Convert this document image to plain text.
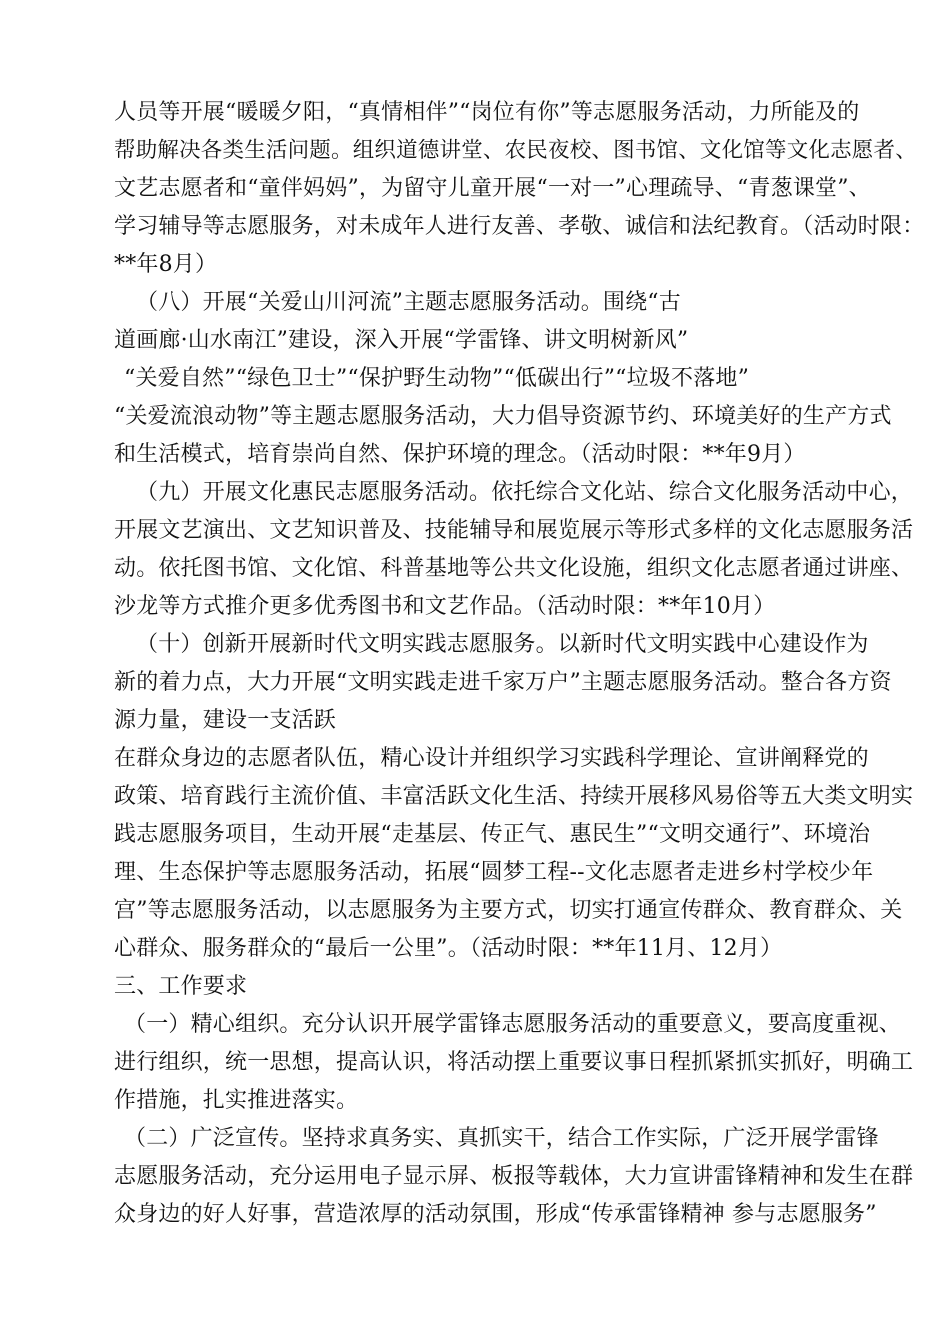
人员等开展“暖暖夕阳，“真情相伴”“岗位有你”等志愿服务活动，力所能及的
帮助解决各类生活问题。组织道德讲堂、农民夜校、图书馆、文化馆等文化志愿者、
文艺志愿者和“童伴妈妈”，为留守儿童开展“一对一”心理疏导、“青葱课堂”、
学习辅导等志愿服务，对未成年人进行友善、孝敬、诚信和法纪教育。（活动时限：
**年8月）
（八）开展“关爱山川河流”主题志愿服务活动。围绕“古
道画廊·山水南江”建设，深入开展“学雷锋、讲文明树新风”
“关爱自然”“绿色卫士”“保护野生动物”“低碳出行”“垃圾不落地”
“关爱流浪动物”等主题志愿服务活动，大力倡导资源节约、环境美好的生产方式
和生活模式，培育崇尚自然、保护环境的理念。（活动时限：**年9月）
（九）开展文化惠民志愿服务活动。依托综合文化站、综合文化服务活动中心，
开展文艺演出、文艺知识普及、技能辅导和展览展示等形式多样的文化志愿服务活
动。依托图书馆、文化馆、科普基地等公共文化设施，组织文化志愿者通过讲座、
沙龙等方式推介更多优秀图书和文艺作品。（活动时限：**年10月）
（十）创新开展新时代文明实践志愿服务。以新时代文明实践中心建设作为
新的着力点，大力开展“文明实践走进千家万户”主题志愿服务活动。整合各方资
源力量，建设一支活跃
在群众身边的志愿者队伍，精心设计并组织学习实践科学理论、宣讲阐释党的
政策、培育践行主流价值、丰富活跃文化生活、持续开展移风易俗等五大类文明实
践志愿服务项目，生动开展“走基层、传正气、惠民生”“文明交通行”、环境治
理、生态保护等志愿服务活动，拓展“圆梦工程--文化志愿者走进乡村学校少年
宫”等志愿服务活动，以志愿服务为主要方式，切实打通宣传群众、教育群众、关
心群众、服务群众的“最后一公里”。（活动时限：**年11月、12月）
三、工作要求
（一）精心组织。充分认识开展学雷锋志愿服务活动的重要意义，要高度重视、
进行组织，统一思想，提高认识，将活动摆上重要议事日程抓紧抓实抓好，明确工
作措施，扎实推进落实。
（二）广泛宣传。坚持求真务实、真抓实干，结合工作实际，广泛开展学雷锋
志愿服务活动，充分运用电子显示屏、板报等载体，大力宣讲雷锋精神和发生在群
众身边的好人好事，营造浓厚的活动氛围，形成“传承雷锋精神 参与志愿服务”
